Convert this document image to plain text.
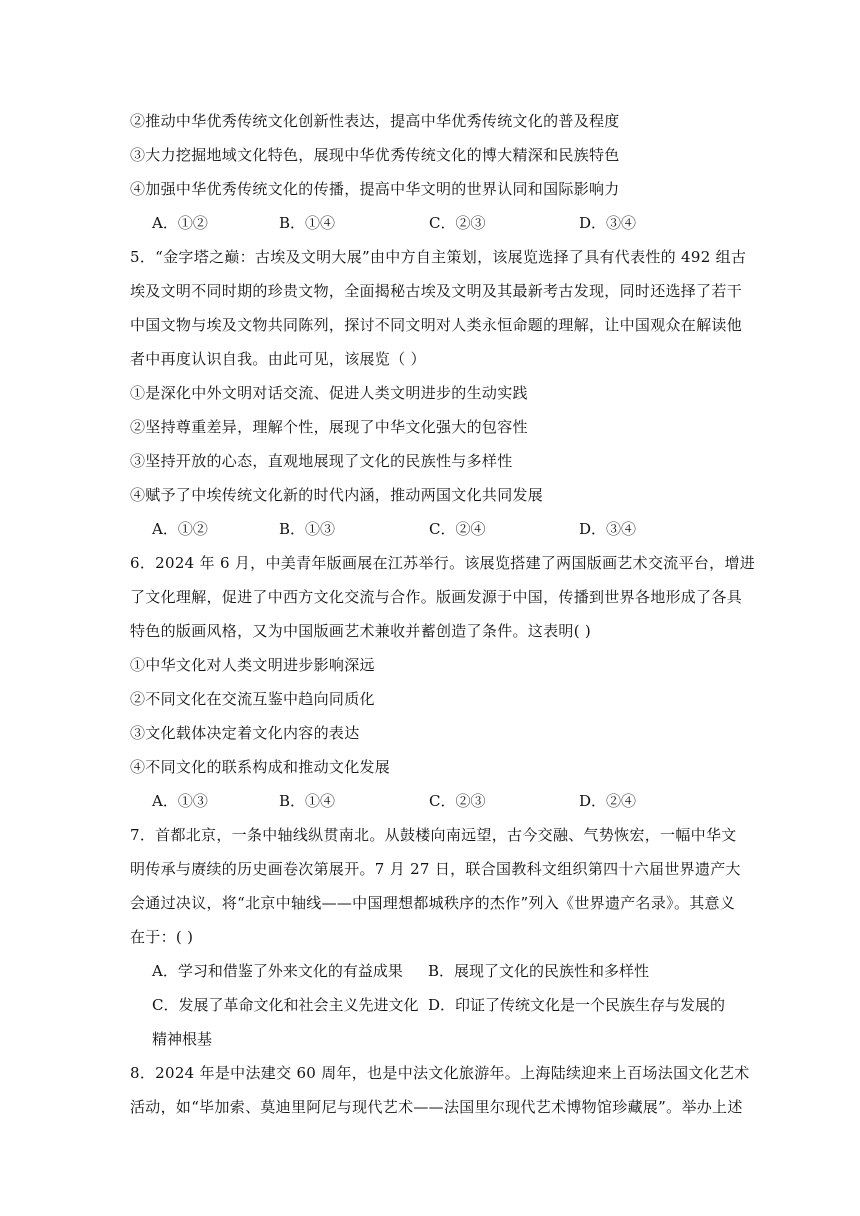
②推动中华优秀传统文化创新性表达，提高中华优秀传统文化的普及程度
③大力挖掘地域文化特色，展现中华优秀传统文化的博大精深和民族特色
④加强中华优秀传统文化的传播，提高中华文明的世界认同和国际影响力
A．①②	B．①④	C．②③	D．③④
5．“金字塔之巅：古埃及文明大展”由中方自主策划，该展览选择了具有代表性的 492 组古
埃及文明不同时期的珍贵文物，全面揭秘古埃及文明及其最新考古发现，同时还选择了若干
中国文物与埃及文物共同陈列，探讨不同文明对人类永恒命题的理解，让中国观众在解读他
者中再度认识自我。由此可见，该展览（ ）
①是深化中外文明对话交流、促进人类文明进步的生动实践
②坚持尊重差异，理解个性，展现了中华文化强大的包容性
③坚持开放的心态，直观地展现了文化的民族性与多样性
④赋予了中埃传统文化新的时代内涵，推动两国文化共同发展
A．①②	B．①③	C．②④	D．③④
6．2024 年 6 月，中美青年版画展在江苏举行。该展览搭建了两国版画艺术交流平台，增进
了文化理解，促进了中西方文化交流与合作。版画发源于中国，传播到世界各地形成了各具
特色的版画风格，又为中国版画艺术兼收并蓄创造了条件。这表明( )
①中华文化对人类文明进步影响深远
②不同文化在交流互鉴中趋向同质化
③文化载体决定着文化内容的表达
④不同文化的联系构成和推动文化发展
A．①③	B．①④	C．②③	D．②④
7．首都北京，一条中轴线纵贯南北。从鼓楼向南远望，古今交融、气势恢宏，一幅中华文
明传承与赓续的历史画卷次第展开。7 月 27 日，联合国教科文组织第四十六届世界遗产大
会通过决议，将“北京中轴线——中国理想都城秩序的杰作”列入《世界遗产名录》。其意义
在于：( )
A．学习和借鉴了外来文化的有益成果 B．展现了文化的民族性和多样性
C．发展了革命文化和社会主义先进文化 D．印证了传统文化是一个民族生存与发展的
精神根基
8．2024 年是中法建交 60 周年，也是中法文化旅游年。上海陆续迎来上百场法国文化艺术
活动，如“毕加索、莫迪里阿尼与现代艺术——法国里尔现代艺术博物馆珍藏展”。举办上述
